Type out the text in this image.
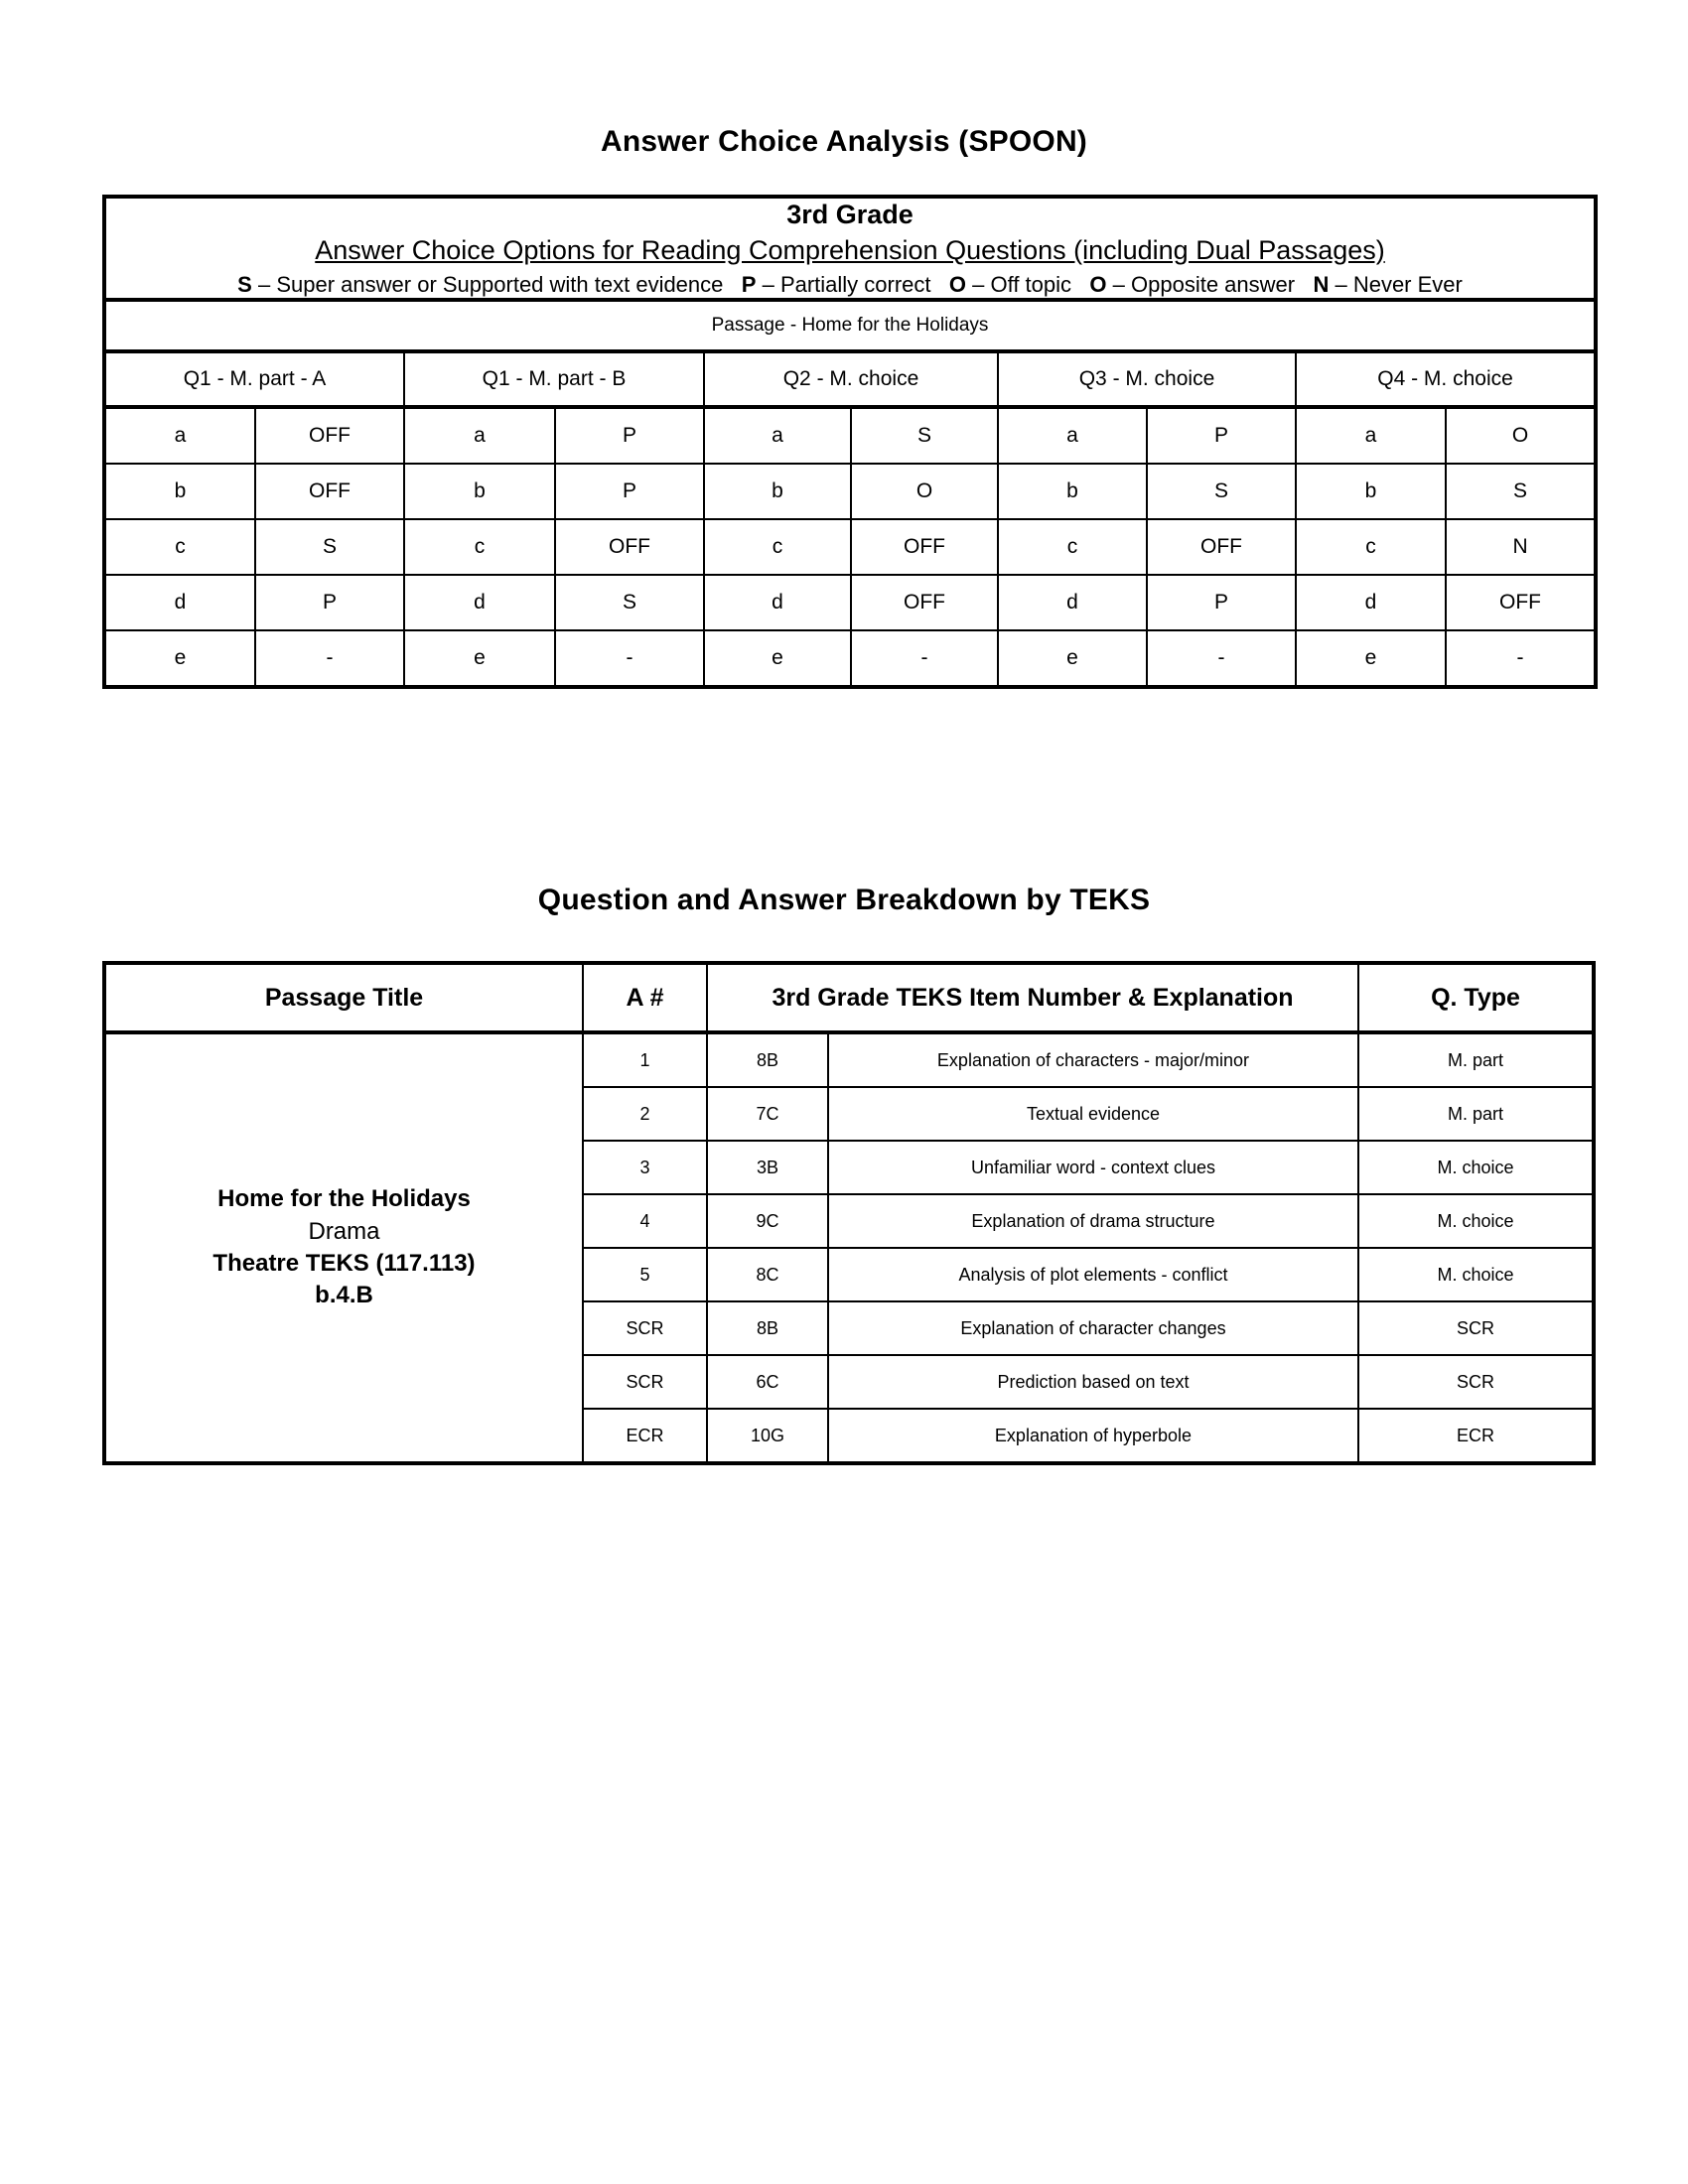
Answer Choice Analysis (SPOON)
3rd Grade
Answer Choice Options for Reading Comprehension Questions (including Dual Passages)
S – Super answer or Supported with text evidence P – Partially correct O – Off topic O – Opposite answer N – Never Ever									

Passage - Home for the Holidays									
Q1 - M. part - A		Q1 - M. part - B		Q2 - M. choice		Q3 - M. choice		Q4 - M. choice	
a	OFF	a	P	a	S	a	P	a	O
b	OFF	b	P	b	O	b	S	b	S
c	S	c	OFF	c	OFF	c	OFF	c	N
d	P	d	S	d	OFF	d	P	d	OFF
e	-	e	-	e	-	e	-	e	-
Question and Answer Breakdown by TEKS
Passage Title	A #	3rd Grade TEKS Item Number & Explanation		Q. Type

Home for the Holidays
Drama
Theatre TEKS (117.113)
b.4.B	1	8B	Explanation of characters - major/minor	M. part
	2	7C	Textual evidence	M. part
	3	3B	Unfamiliar word - context clues	M. choice
	4	9C	Explanation of drama structure	M. choice
	5	8C	Analysis of plot elements - conflict	M. choice
	SCR	8B	Explanation of character changes	SCR
	SCR	6C	Prediction based on text	SCR
	ECR	10G	Explanation of hyperbole	ECR
